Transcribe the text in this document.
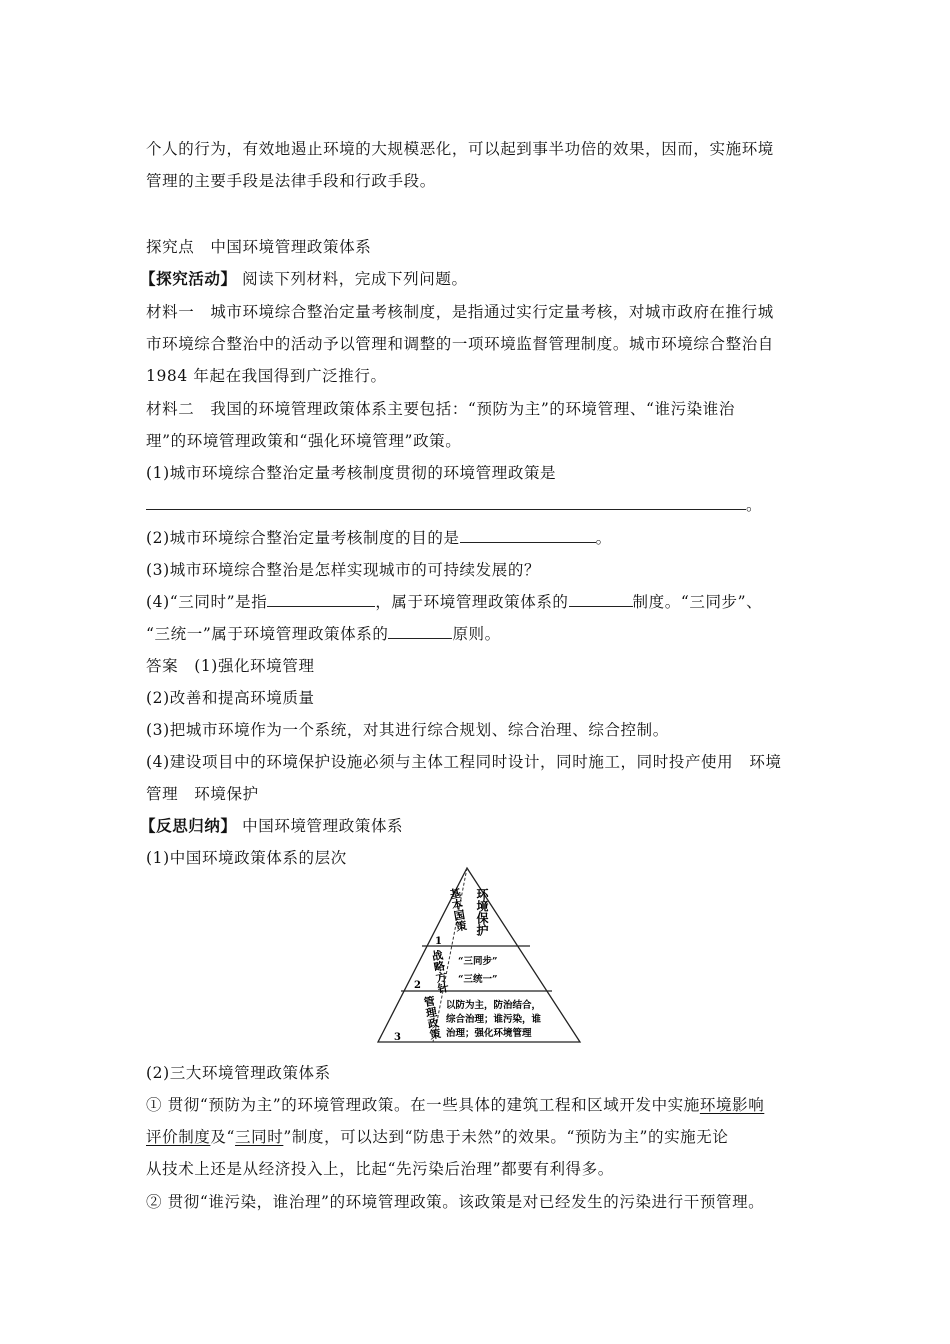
个人的行为，有效地遏止环境的大规模恶化，可以起到事半功倍的效果，因而，实施环境
管理的主要手段是法律手段和行政手段。
探究点 中国环境管理政策体系
【探究活动】 阅读下列材料，完成下列问题。
材料一 城市环境综合整治定量考核制度，是指通过实行定量考核，对城市政府在推行城
市环境综合整治中的活动予以管理和调整的一项环境监督管理制度。城市环境综合整治自
1984 年起在我国得到广泛推行。
材料二 我国的环境管理政策体系主要包括：“预防为主”的环境管理、“谁污染谁治
理”的环境管理政策和“强化环境管理”政策。
(1)城市环境综合整治定量考核制度贯彻的环境管理政策是
。
(2)城市环境综合整治定量考核制度的目的是	。
(3)城市环境综合整治是怎样实现城市的可持续发展的？
(4)“三同时”是指	，属于环境管理政策体系的	制度。“三同步”、
“三统一”属于环境管理政策体系的	原则。
答案 (1)强化环境管理
(2)改善和提高环境质量
(3)把城市环境作为一个系统，对其进行综合规划、综合治理、综合控制。
(4)建设项目中的环境保护设施必须与主体工程同时设计，同时施工，同时投产使用　环境
管理　环境保护
【反思归纳】 中国环境管理政策体系
(1)中国环境政策体系的层次
1
基本国策 环境保护
2 战略方针 “三同步”
“三统一”
3 管理政策 以防为主，防治结合，
综合治理；谁污染，谁
治理；强化环境管理
(2)三大环境管理政策体系
① 贯彻“预防为主”的环境管理政策。在一些具体的建筑工程和区域开发中实施环境影响
评价制度及“三同时”制度，可以达到“防患于未然”的效果。“预防为主”的实施无论
从技术上还是从经济投入上，比起“先污染后治理”都要有利得多。
② 贯彻“谁污染，谁治理”的环境管理政策。该政策是对已经发生的污染进行干预管理。
